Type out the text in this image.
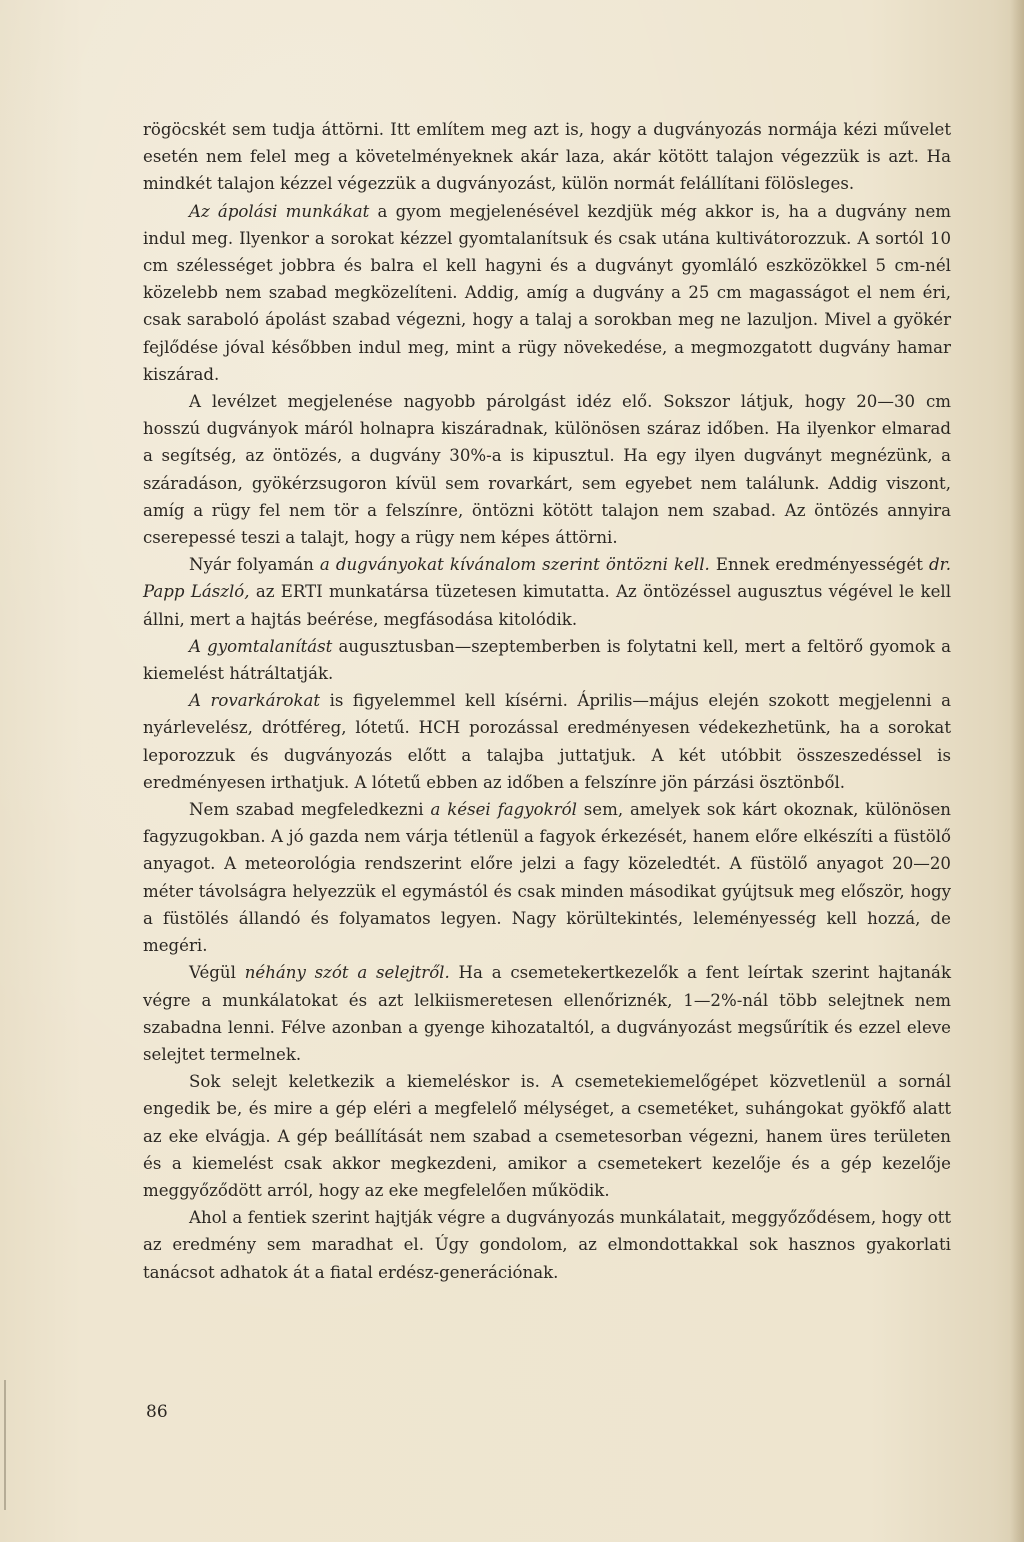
rögöcskét sem tudja áttörni. Itt említem meg azt is, hogy a dugványozás normája kézi művelet esetén nem felel meg a követelményeknek akár laza, akár kötött talajon végezzük is azt. Ha mindkét talajon kézzel végezzük a dugványozást, külön normát felállítani fölösleges.

Az ápolási munkákat a gyom megjelenésével kezdjük még akkor is, ha a dugvány nem indul meg. Ilyenkor a sorokat kézzel gyomtalanítsuk és csak utána kultivátorozzuk. A sortól 10 cm szélességet jobbra és balra el kell hagyni és a dugványt gyomláló eszközökkel 5 cm-nél közelebb nem szabad megközelíteni. Addig, amíg a dugvány a 25 cm magasságot el nem éri, csak saraboló ápolást szabad végezni, hogy a talaj a sorokban meg ne lazuljon. Mivel a gyökér fejlődése jóval későbben indul meg, mint a rügy növekedése, a megmozgatott dugvány hamar kiszárad.

A levélzet megjelenése nagyobb párolgást idéz elő. Sokszor látjuk, hogy 20—30 cm hosszú dugványok máról holnapra kiszáradnak, különösen száraz időben. Ha ilyenkor elmarad a segítség, az öntözés, a dugvány 30%-a is kipusztul. Ha egy ilyen dugványt megnézünk, a száradáson, gyökérzsugoron kívül sem rovarkárt, sem egyebet nem találunk. Addig viszont, amíg a rügy fel nem tör a felszínre, öntözni kötött talajon nem szabad. Az öntözés annyira cserepessé teszi a talajt, hogy a rügy nem képes áttörni.

Nyár folyamán a dugványokat kívánalom szerint öntözni kell. Ennek eredményességét dr. Papp László, az ERTI munkatársa tüzetesen kimutatta. Az öntözéssel augusztus végével le kell állni, mert a hajtás beérése, megfásodása kitolódik.

A gyomtalanítást augusztusban—szeptemberben is folytatni kell, mert a feltörő gyomok a kiemelést hátráltatják.

A rovarkárokat is figyelemmel kell kísérni. Április—május elején szokott megjelenni a nyárlevelész, drótféreg, lótetű. HCH porozással eredményesen védekezhetünk, ha a sorokat leporozzuk és dugványozás előtt a talajba juttatjuk. A két utóbbit összeszedéssel is eredményesen irthatjuk. A lótetű ebben az időben a felszínre jön párzási ösztönből.

Nem szabad megfeledkezni a kései fagyokról sem, amelyek sok kárt okoznak, különösen fagyzugokban. A jó gazda nem várja tétlenül a fagyok érkezését, hanem előre elkészíti a füstölő anyagot. A meteorológia rendszerint előre jelzi a fagy közeledtét. A füstölő anyagot 20—20 méter távolságra helyezzük el egymástól és csak minden másodikat gyújtsuk meg először, hogy a füstölés állandó és folyamatos legyen. Nagy körültekintés, leleményesség kell hozzá, de megéri.

Végül néhány szót a selejtről. Ha a csemetekertkezelők a fent leírtak szerint hajtanák végre a munkálatokat és azt lelkiismeretesen ellenőriznék, 1—2%-nál több selejtnek nem szabadna lenni. Félve azonban a gyenge kihozataltól, a dugványozást megsűrítik és ezzel eleve selejtet termelnek.

Sok selejt keletkezik a kiemeléskor is. A csemetekiemelőgépet közvetlenül a sornál engedik be, és mire a gép eléri a megfelelő mélységet, a csemetéket, suhángokat gyökfő alatt az eke elvágja. A gép beállítását nem szabad a csemetesorban végezni, hanem üres területen és a kiemelést csak akkor megkezdeni, amikor a csemetekert kezelője és a gép kezelője meggyőződött arról, hogy az eke megfelelően működik.

Ahol a fentiek szerint hajtják végre a dugványozás munkálatait, meggyőződésem, hogy ott az eredmény sem maradhat el. Úgy gondolom, az elmondottakkal sok hasznos gyakorlati tanácsot adhatok át a fiatal erdész-generációnak.

86
